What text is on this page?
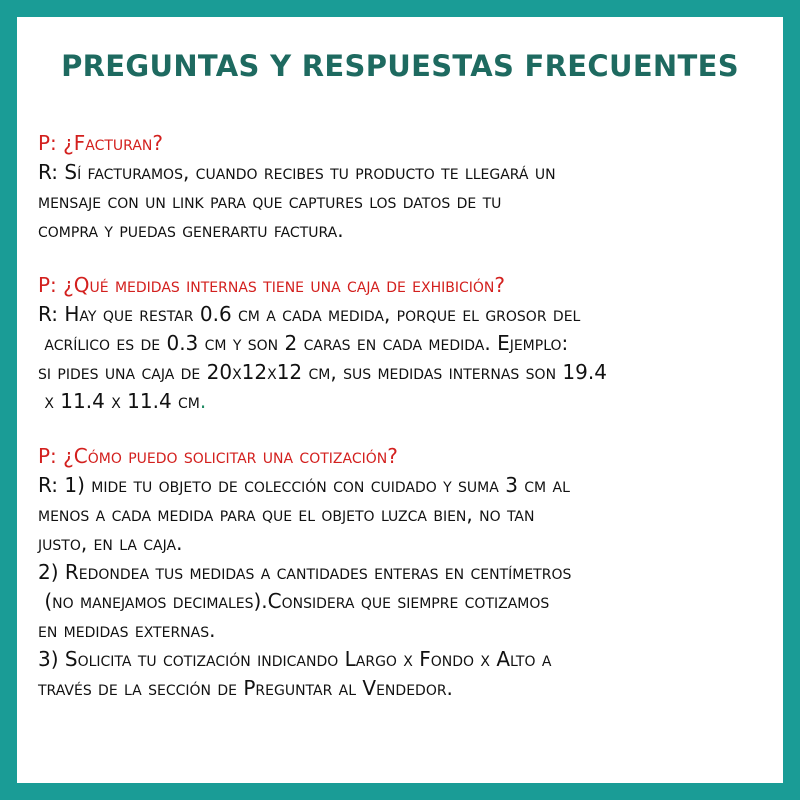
PREGUNTAS Y RESPUESTAS FRECUENTES
P: ¿Facturan?
R: Sí facturamos, cuando recibes tu producto te llegará un
mensaje con un link para que captures los datos de tu
compra y puedas generartu factura.
P: ¿Qué medidas internas tiene una caja de exhibición?
R: Hay que restar 0.6 cm a cada medida, porque el grosor del
acrílico es de 0.3 cm y son 2 caras en cada medida. Ejemplo:
si pides una caja de 20x12x12 cm, sus medidas internas son 19.4
x 11.4 x 11.4 cm.
P: ¿Cómo puedo solicitar una cotización?
R: 1) mide tu objeto de colección con cuidado y suma 3 cm al
menos a cada medida para que el objeto luzca bien, no tan
justo, en la caja.
2) Redondea tus medidas a cantidades enteras en centímetros
(no manejamos decimales).Considera que siempre cotizamos
en medidas externas.
3) Solicita tu cotización indicando Largo x Fondo x Alto a
través de la sección de Preguntar al Vendedor.
